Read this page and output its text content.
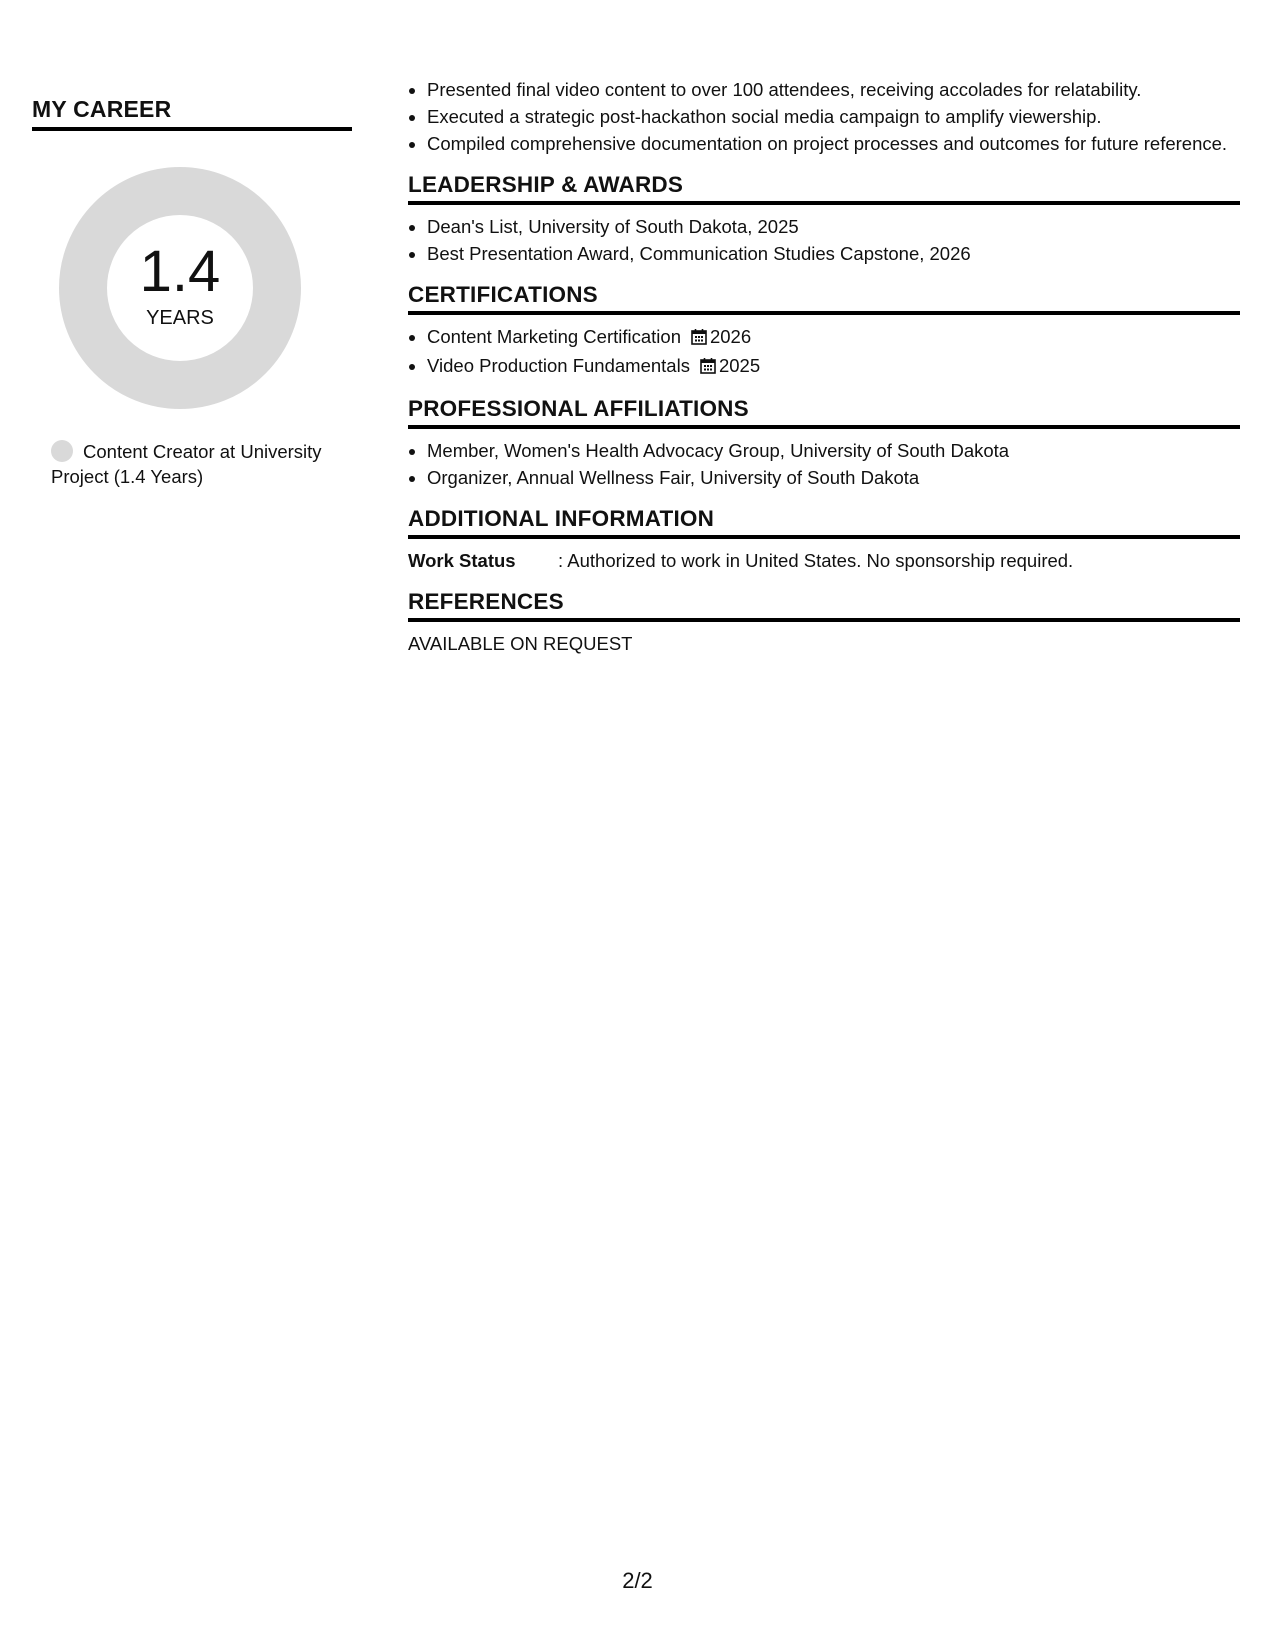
MY CAREER
1.4
YEARS
Content Creator at University Project (1.4 Years)
• Presented final video content to over 100 attendees, receiving accolades for relatability.
• Executed a strategic post-hackathon social media campaign to amplify viewership.
• Compiled comprehensive documentation on project processes and outcomes for future reference.
LEADERSHIP & AWARDS
• Dean's List, University of South Dakota, 2025
• Best Presentation Award, Communication Studies Capstone, 2026
CERTIFICATIONS
• Content Marketing Certification 2026
• Video Production Fundamentals 2025
PROFESSIONAL AFFILIATIONS
• Member, Women's Health Advocacy Group, University of South Dakota
• Organizer, Annual Wellness Fair, University of South Dakota
ADDITIONAL INFORMATION
Work Status : Authorized to work in United States. No sponsorship required.
REFERENCES
AVAILABLE ON REQUEST
2/2
